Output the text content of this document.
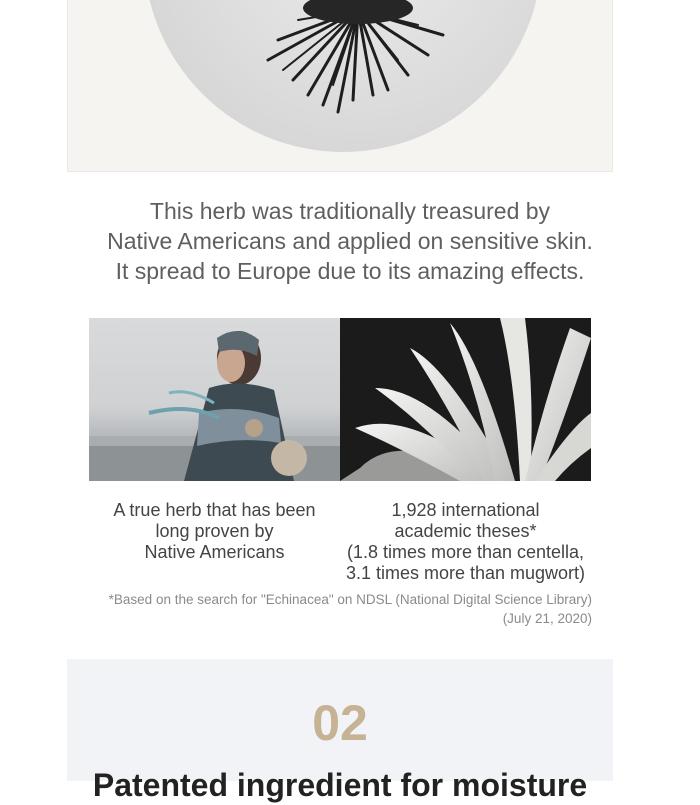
This herb was traditionally treasured by
Native Americans and applied on sensitive skin.
It spread to Europe due to its amazing effects.
A true herb that has been
long proven by
Native Americans
1,928 international
academic theses*
(1.8 times more than centella,
3.1 times more than mugwort)
*Based on the search for "Echinacea" on NDSL (National Digital Science Library)
(July 21, 2020)
02
Patented ingredient for moisture
